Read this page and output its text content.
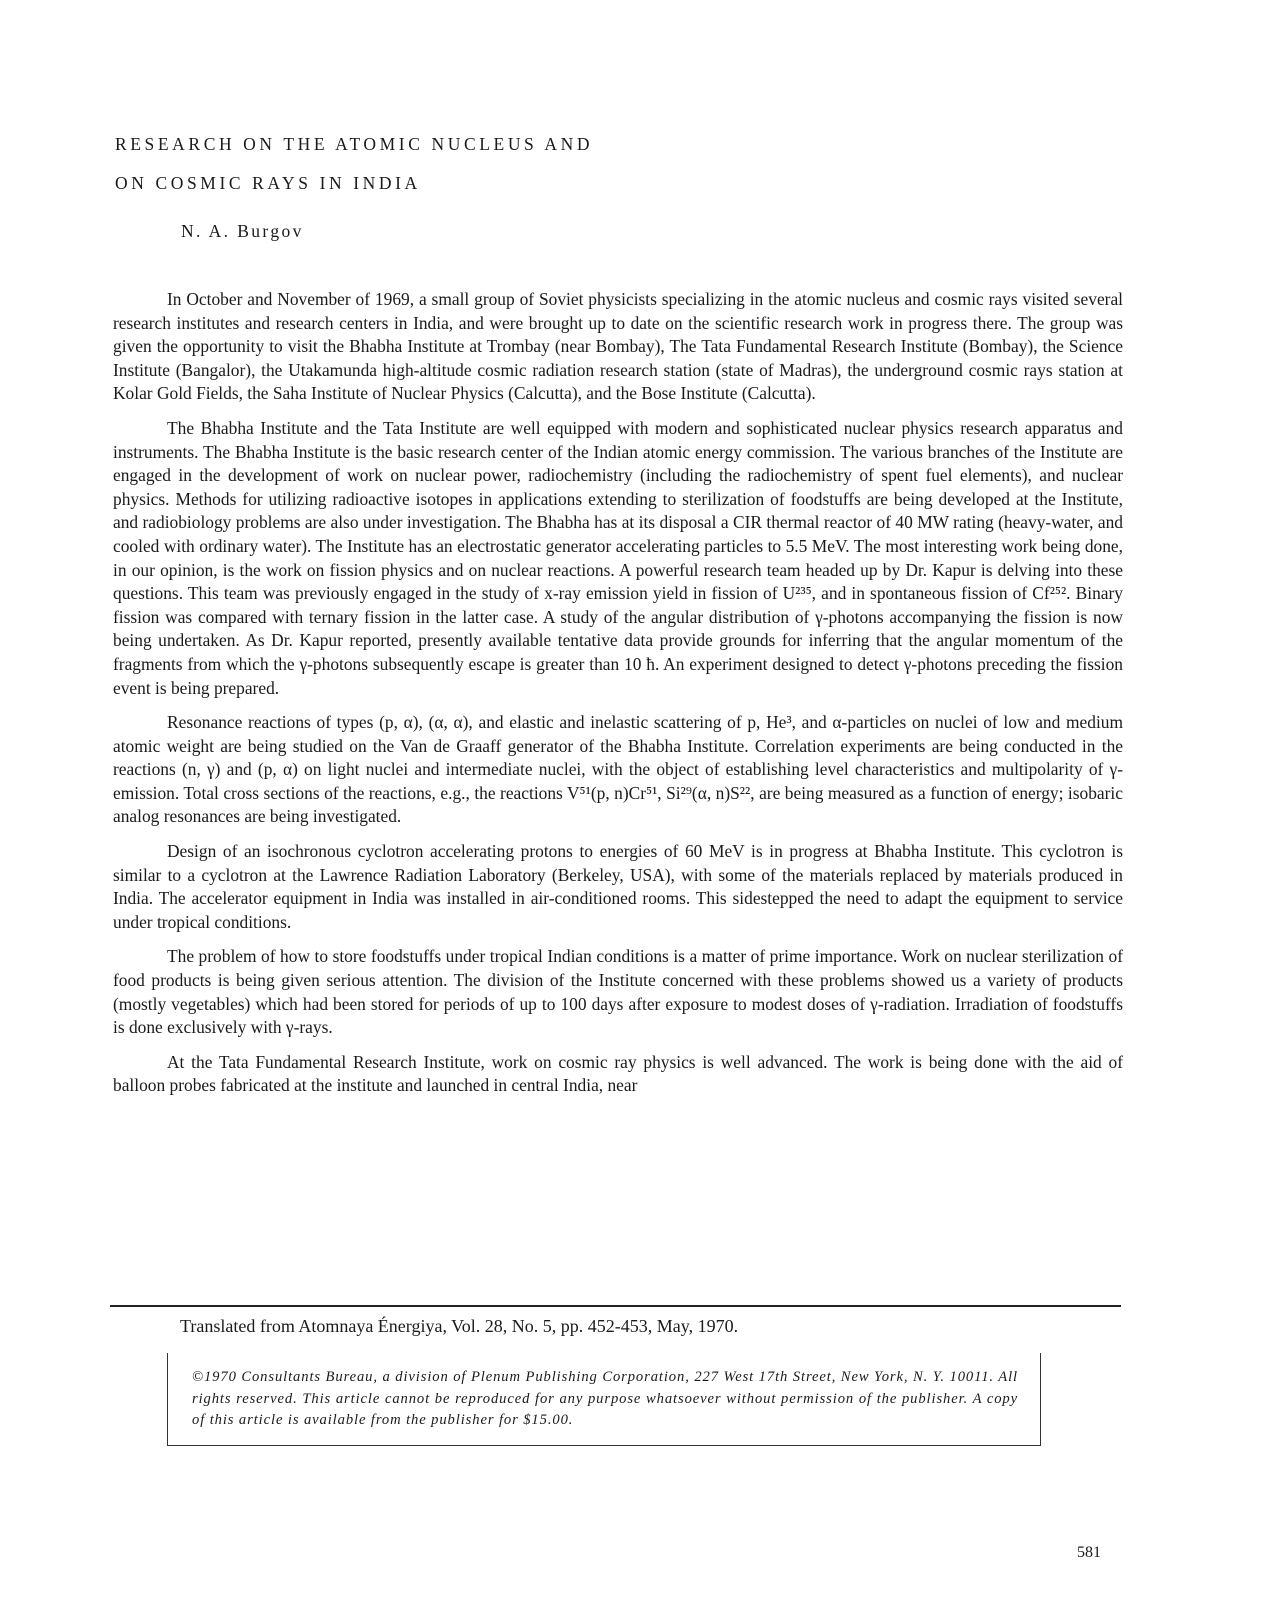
RESEARCH ON THE ATOMIC NUCLEUS AND
ON COSMIC RAYS IN INDIA
N. A. Burgov

In October and November of 1969, a small group of Soviet physicists specializing in the atomic nucleus and cosmic rays visited several research institutes and research centers in India, and were brought up to date on the scientific research work in progress there. The group was given the opportunity to visit the Bhabha Institute at Trombay (near Bombay), The Tata Fundamental Research Institute (Bombay), the Science Institute (Bangalor), the Utakamunda high-altitude cosmic radiation research station (state of Madras), the underground cosmic rays station at Kolar Gold Fields, the Saha Institute of Nuclear Physics (Calcutta), and the Bose Institute (Calcutta).

The Bhabha Institute and the Tata Institute are well equipped with modern and sophisticated nuclear physics research apparatus and instruments. The Bhabha Institute is the basic research center of the Indian atomic energy commission. The various branches of the Institute are engaged in the development of work on nuclear power, radiochemistry (including the radiochemistry of spent fuel elements), and nuclear physics. Methods for utilizing radioactive isotopes in applications extending to sterilization of foodstuffs are being developed at the Institute, and radiobiology problems are also under investigation. The Bhabha has at its disposal a CIR thermal reactor of 40 MW rating (heavy-water, and cooled with ordinary water). The Institute has an electrostatic generator accelerating particles to 5.5 MeV. The most interesting work being done, in our opinion, is the work on fission physics and on nuclear reactions. A powerful research team headed up by Dr. Kapur is delving into these questions. This team was previously engaged in the study of x-ray emission yield in fission of U²³⁵, and in spontaneous fission of Cf²⁵². Binary fission was compared with ternary fission in the latter case. A study of the angular distribution of γ-photons accompanying the fission is now being undertaken. As Dr. Kapur reported, presently available tentative data provide grounds for inferring that the angular momentum of the fragments from which the γ-photons subsequently escape is greater than 10 ħ. An experiment designed to detect γ-photons preceding the fission event is being prepared.

Resonance reactions of types (p, α), (α, α), and elastic and inelastic scattering of p, He³, and α-particles on nuclei of low and medium atomic weight are being studied on the Van de Graaff generator of the Bhabha Institute. Correlation experiments are being conducted in the reactions (n, γ) and (p, α) on light nuclei and intermediate nuclei, with the object of establishing level characteristics and multipolarity of γ-emission. Total cross sections of the reactions, e.g., the reactions V⁵¹(p, n)Cr⁵¹, Si²⁹(α, n)S²², are being measured as a function of energy; isobaric analog resonances are being investigated.

Design of an isochronous cyclotron accelerating protons to energies of 60 MeV is in progress at Bhabha Institute. This cyclotron is similar to a cyclotron at the Lawrence Radiation Laboratory (Berkeley, USA), with some of the materials replaced by materials produced in India. The accelerator equipment in India was installed in air-conditioned rooms. This sidestepped the need to adapt the equipment to service under tropical conditions.

The problem of how to store foodstuffs under tropical Indian conditions is a matter of prime importance. Work on nuclear sterilization of food products is being given serious attention. The division of the Institute concerned with these problems showed us a variety of products (mostly vegetables) which had been stored for periods of up to 100 days after exposure to modest doses of γ-radiation. Irradiation of foodstuffs is done exclusively with γ-rays.

At the Tata Fundamental Research Institute, work on cosmic ray physics is well advanced. The work is being done with the aid of balloon probes fabricated at the institute and launched in central India, near

Translated from Atomnaya Énergiya, Vol. 28, No. 5, pp. 452-453, May, 1970.

©1970 Consultants Bureau, a division of Plenum Publishing Corporation, 227 West 17th Street, New York, N. Y. 10011. All rights reserved. This article cannot be reproduced for any purpose whatsoever without permission of the publisher. A copy of this article is available from the publisher for $15.00.

581
